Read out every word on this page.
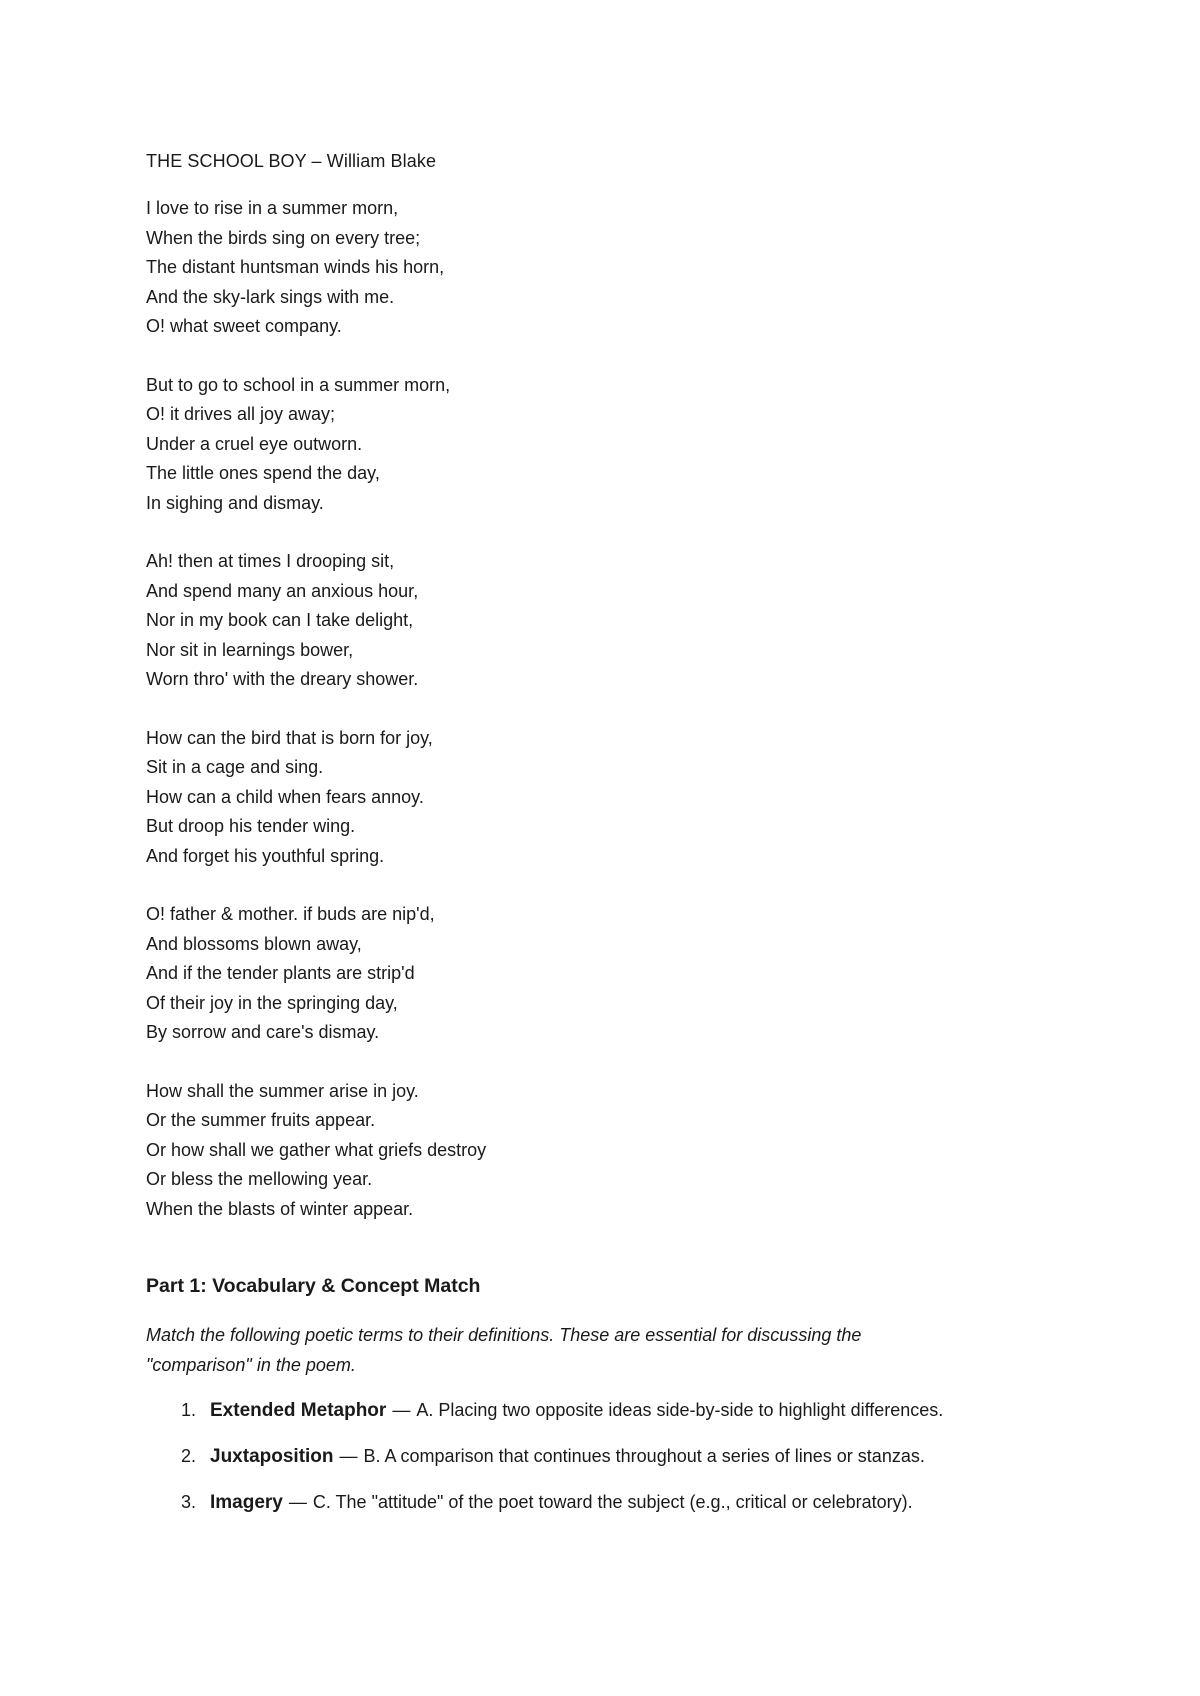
THE SCHOOL BOY – William Blake
I love to rise in a summer morn,
When the birds sing on every tree;
The distant huntsman winds his horn,
And the sky-lark sings with me.
O! what sweet company.
But to go to school in a summer morn,
O! it drives all joy away;
Under a cruel eye outworn.
The little ones spend the day,
In sighing and dismay.
Ah! then at times I drooping sit,
And spend many an anxious hour,
Nor in my book can I take delight,
Nor sit in learnings bower,
Worn thro' with the dreary shower.
How can the bird that is born for joy,
Sit in a cage and sing.
How can a child when fears annoy.
But droop his tender wing.
And forget his youthful spring.
O! father & mother. if buds are nip'd,
And blossoms blown away,
And if the tender plants are strip'd
Of their joy in the springing day,
By sorrow and care's dismay.
How shall the summer arise in joy.
Or the summer fruits appear.
Or how shall we gather what griefs destroy
Or bless the mellowing year.
When the blasts of winter appear.
Part 1: Vocabulary & Concept Match
Match the following poetic terms to their definitions. These are essential for discussing the "comparison" in the poem.
1. Extended Metaphor — A. Placing two opposite ideas side-by-side to highlight differences.
2. Juxtaposition — B. A comparison that continues throughout a series of lines or stanzas.
3. Imagery — C. The "attitude" of the poet toward the subject (e.g., critical or celebratory).
